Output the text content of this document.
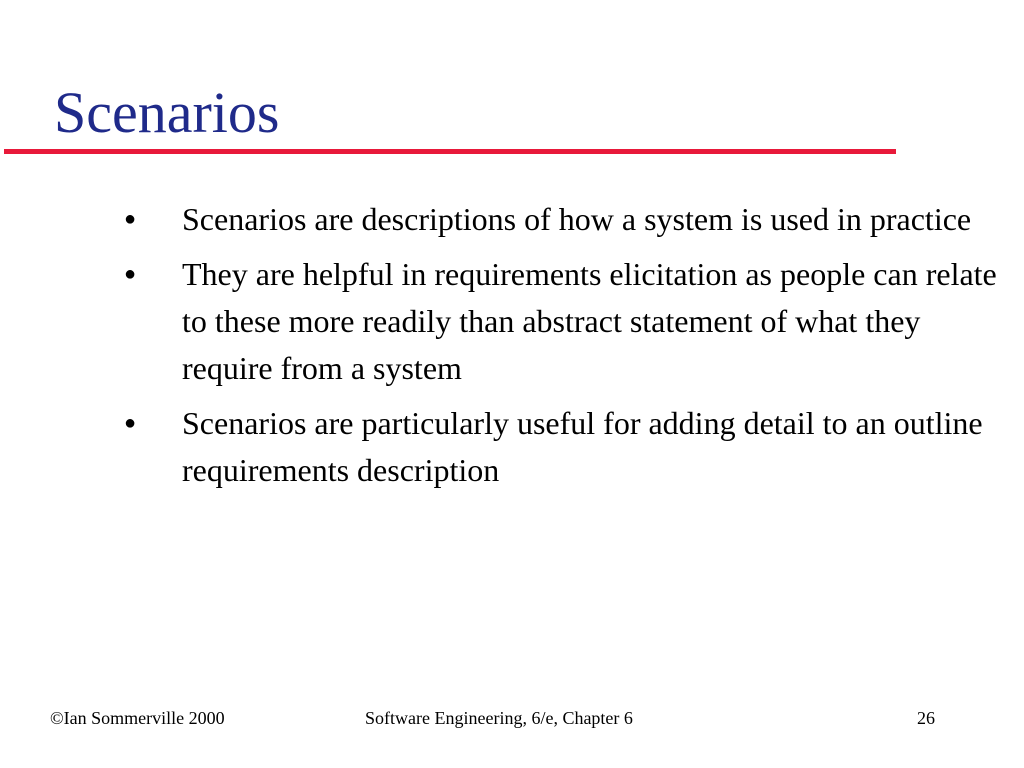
Scenarios
● Scenarios are descriptions of how a system is used in practice
● They are helpful in requirements elicitation as people can relate to these more readily than abstract statement of what they require from a system
● Scenarios are particularly useful for adding detail to an outline requirements description
©Ian Sommerville 2000	Software Engineering, 6/e, Chapter 6	26
